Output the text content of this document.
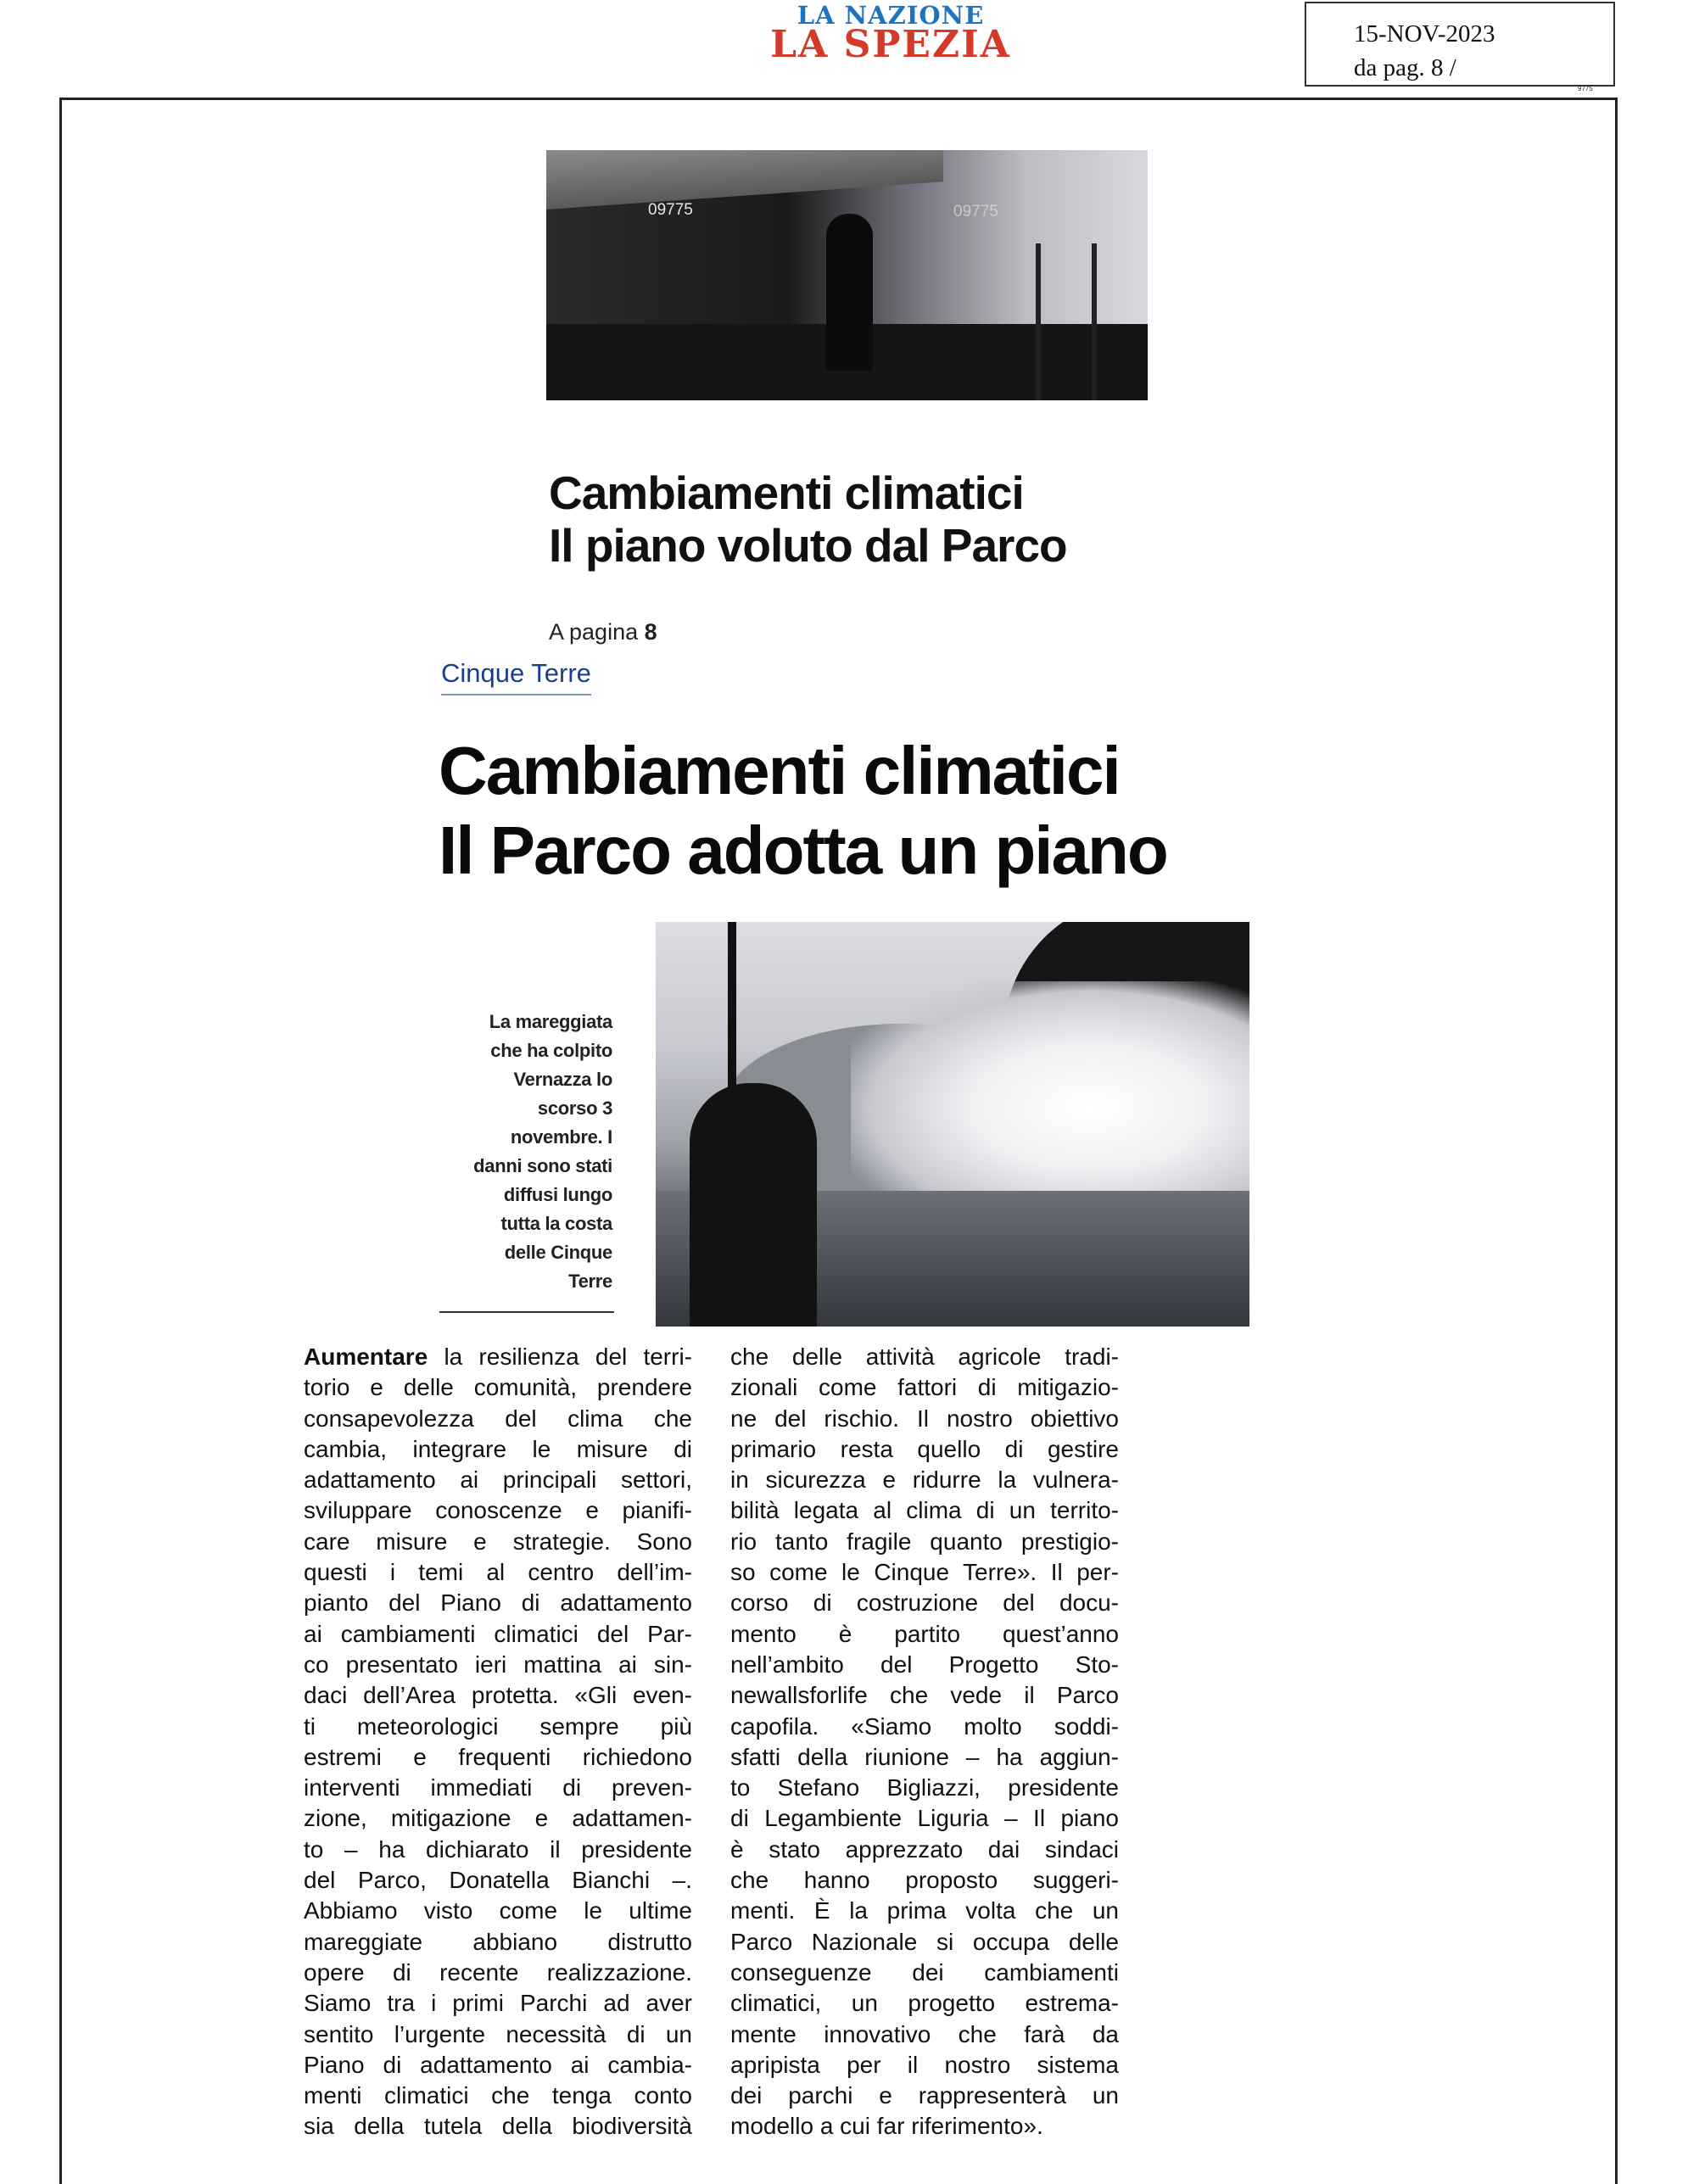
LA NAZIONE
LA SPEZIA	15-NOV-2023
da pag. 8 /
9775
09775	09775
Cambiamenti climatici
Il piano voluto dal Parco
A pagina 8
Cinque Terre
Cambiamenti climatici
Il Parco adotta un piano
La mareggiata
che ha colpito
Vernazza lo
scorso 3
novembre. I
danni sono stati
diffusi lungo
tutta la costa
delle Cinque
Terre
Aumentare la resilienza del terri-
torio e delle comunità, prendere
consapevolezza del clima che
cambia, integrare le misure di
adattamento ai principali settori,
sviluppare conoscenze e pianifi-
care misure e strategie. Sono
questi i temi al centro dell’im-
pianto del Piano di adattamento
ai cambiamenti climatici del Par-
co presentato ieri mattina ai sin-
daci dell’Area protetta. «Gli even-
ti meteorologici sempre più
estremi e frequenti richiedono
interventi immediati di preven-
zione, mitigazione e adattamen-
to – ha dichiarato il presidente
del Parco, Donatella Bianchi –.
Abbiamo visto come le ultime
mareggiate abbiano distrutto
opere di recente realizzazione.
Siamo tra i primi Parchi ad aver
sentito l’urgente necessità di un
Piano di adattamento ai cambia-
menti climatici che tenga conto
sia della tutela della biodiversità
che delle attività agricole tradi-
zionali come fattori di mitigazio-
ne del rischio. Il nostro obiettivo
primario resta quello di gestire
in sicurezza e ridurre la vulnera-
bilità legata al clima di un territo-
rio tanto fragile quanto prestigio-
so come le Cinque Terre». Il per-
corso di costruzione del docu-
mento è partito quest’anno
nell’ambito del Progetto Sto-
newallsforlife che vede il Parco
capofila. «Siamo molto soddi-
sfatti della riunione – ha aggiun-
to Stefano Bigliazzi, presidente
di Legambiente Liguria – Il piano
è stato apprezzato dai sindaci
che hanno proposto suggeri-
menti. È la prima volta che un
Parco Nazionale si occupa delle
conseguenze dei cambiamenti
climatici, un progetto estrema-
mente innovativo che farà da
apripista per il nostro sistema
dei parchi e rappresenterà un
modello a cui far riferimento».
